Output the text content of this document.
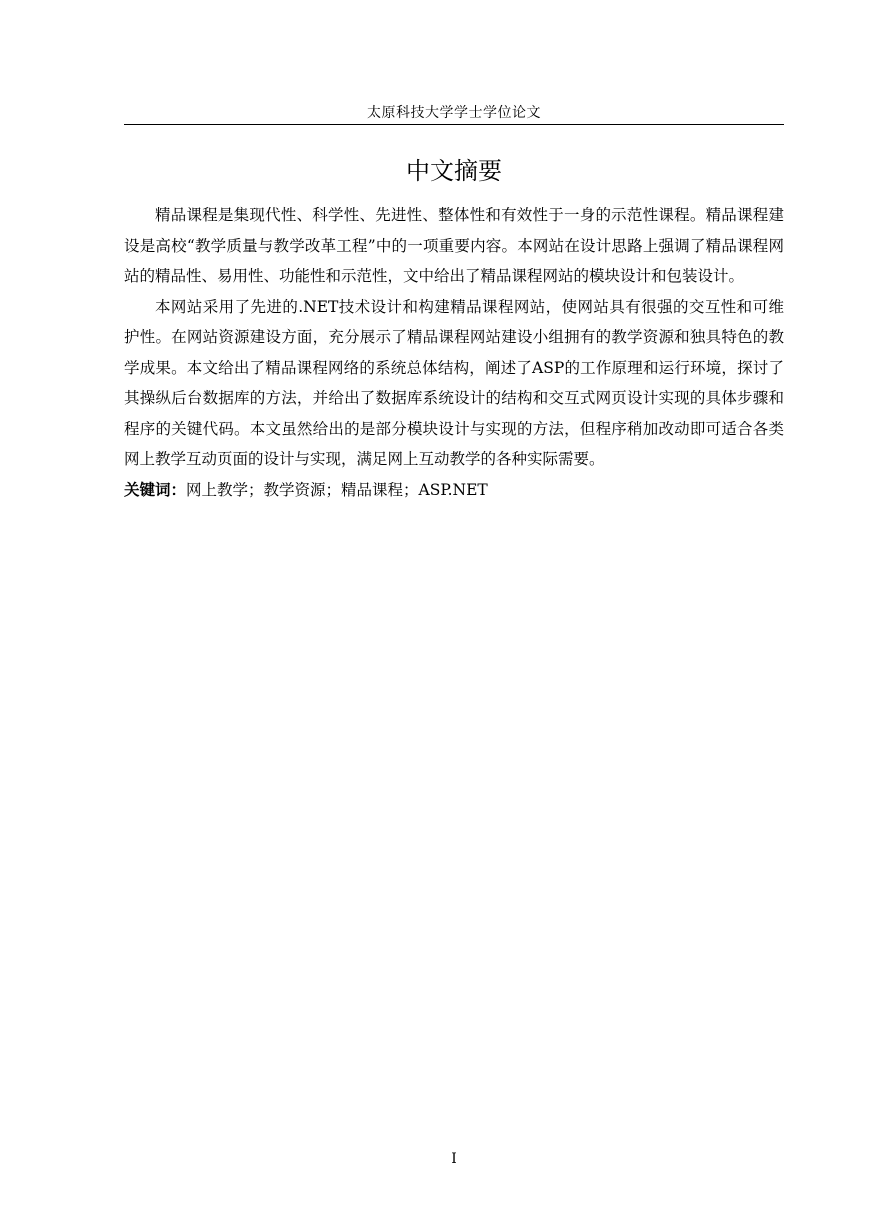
太原科技大学学士学位论文
中文摘要

精品课程是集现代性、科学性、先进性、整体性和有效性于一身的示范性课程。精品课程建设是高校“教学质量与教学改革工程”中的一项重要内容。本网站在设计思路上强调了精品课程网站的精品性、易用性、功能性和示范性，文中给出了精品课程网站的模块设计和包装设计。

本网站采用了先进的.NET技术设计和构建精品课程网站，使网站具有很强的交互性和可维护性。在网站资源建设方面，充分展示了精品课程网站建设小组拥有的教学资源和独具特色的教学成果。本文给出了精品课程网络的系统总体结构，阐述了ASP的工作原理和运行环境，探讨了其操纵后台数据库的方法，并给出了数据库系统设计的结构和交互式网页设计实现的具体步骤和程序的关键代码。本文虽然给出的是部分模块设计与实现的方法，但程序稍加改动即可适合各类网上教学互动页面的设计与实现，满足网上互动教学的各种实际需要。

关键词：网上教学；教学资源；精品课程；ASP.NET
I
